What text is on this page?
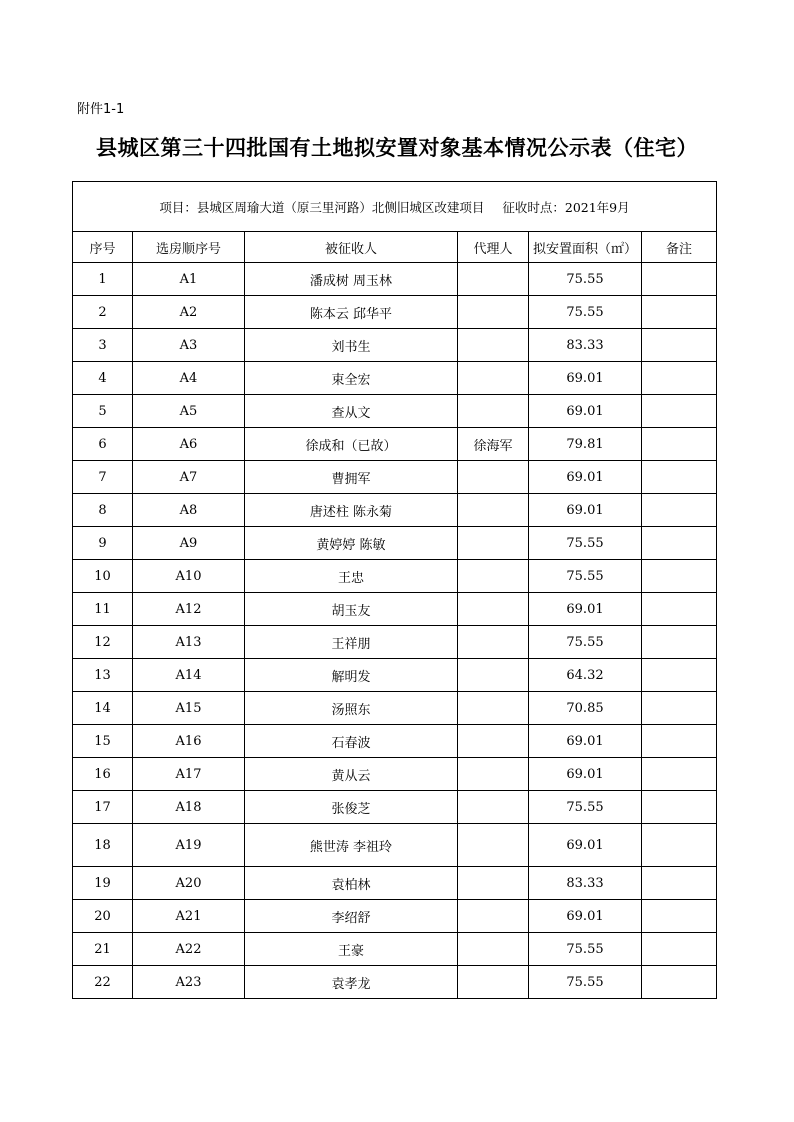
附件1-1
县城区第三十四批国有土地拟安置对象基本情况公示表（住宅）
项目：县城区周瑜大道（原三里河路）北侧旧城区改建项目 征收时点：2021年9月					
序号	选房顺序号	被征收人	代理人	拟安置面积（㎡）	备注
1	A1	潘成树 周玉林		75.55	
2	A2	陈本云 邱华平		75.55	
3	A3	刘书生		83.33	
4	A4	束全宏		69.01	
5	A5	查从文		69.01	
6	A6	徐成和（已故）	徐海军	79.81	
7	A7	曹拥军		69.01	
8	A8	唐述柱 陈永菊		69.01	
9	A9	黄婷婷 陈敏		75.55	
10	A10	王忠		75.55	
11	A12	胡玉友		69.01	
12	A13	王祥朋		75.55	
13	A14	解明发		64.32	
14	A15	汤照东		70.85	
15	A16	石春波		69.01	
16	A17	黄从云		69.01	
17	A18	张俊芝		75.55	
18	A19	熊世涛 李祖玲		69.01	
19	A20	袁柏林		83.33	
20	A21	李绍舒		69.01	
21	A22	王豪		75.55	
22	A23	袁孝龙		75.55	
